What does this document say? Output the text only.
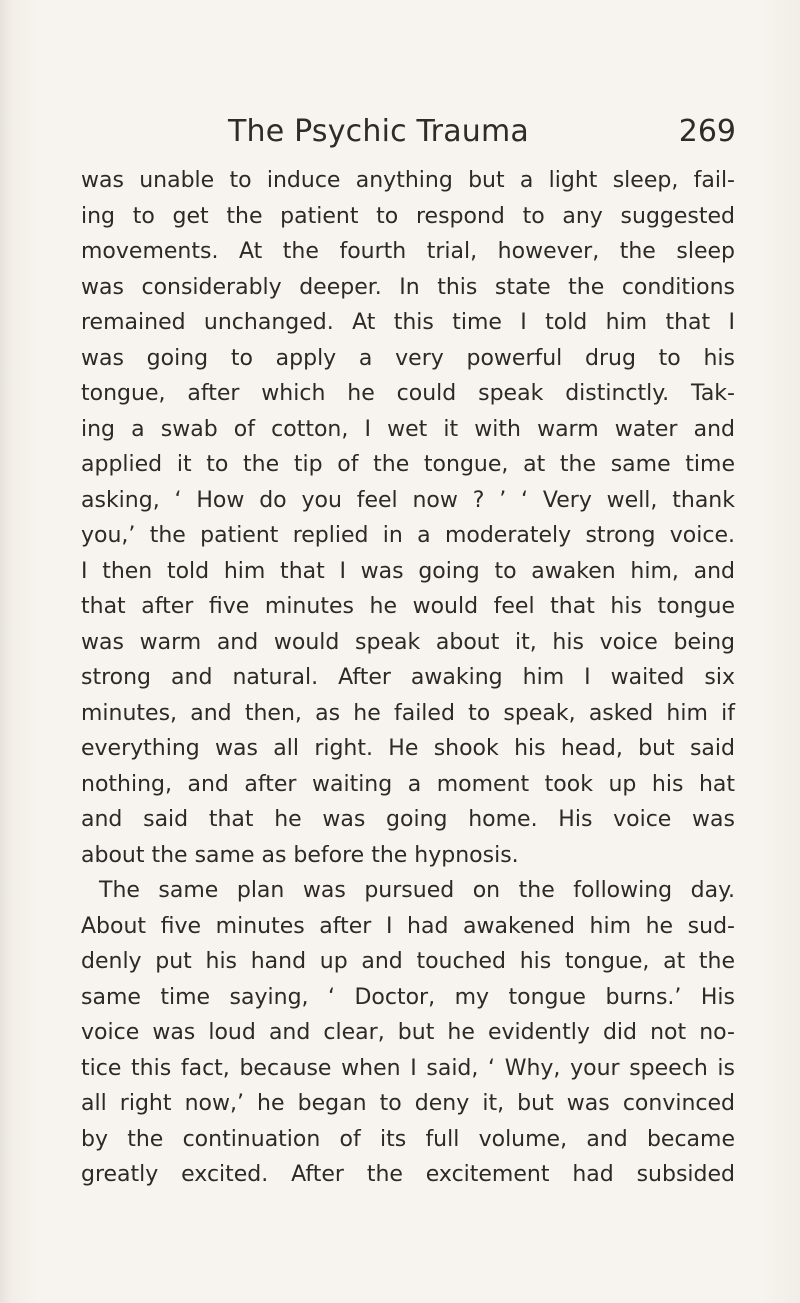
The Psychic Trauma	269
was unable to induce anything but a light sleep, fail-
ing to get the patient to respond to any suggested
movements. At the fourth trial, however, the sleep
was considerably deeper. In this state the conditions
remained unchanged. At this time I told him that I
was going to apply a very powerful drug to his
tongue, after which he could speak distinctly. Tak-
ing a swab of cotton, I wet it with warm water and
applied it to the tip of the tongue, at the same time
asking, ‘ How do you feel now ? ’ ‘ Very well, thank
you,’ the patient replied in a moderately strong voice.
I then told him that I was going to awaken him, and
that after five minutes he would feel that his tongue
was warm and would speak about it, his voice being
strong and natural. After awaking him I waited six
minutes, and then, as he failed to speak, asked him if
everything was all right. He shook his head, but said
nothing, and after waiting a moment took up his hat
and said that he was going home. His voice was
about the same as before the hypnosis.
The same plan was pursued on the following day.
About five minutes after I had awakened him he sud-
denly put his hand up and touched his tongue, at the
same time saying, ‘ Doctor, my tongue burns.’ His
voice was loud and clear, but he evidently did not no-
tice this fact, because when I said, ‘ Why, your speech is
all right now,’ he began to deny it, but was convinced
by the continuation of its full volume, and became
greatly excited. After the excitement had subsided
